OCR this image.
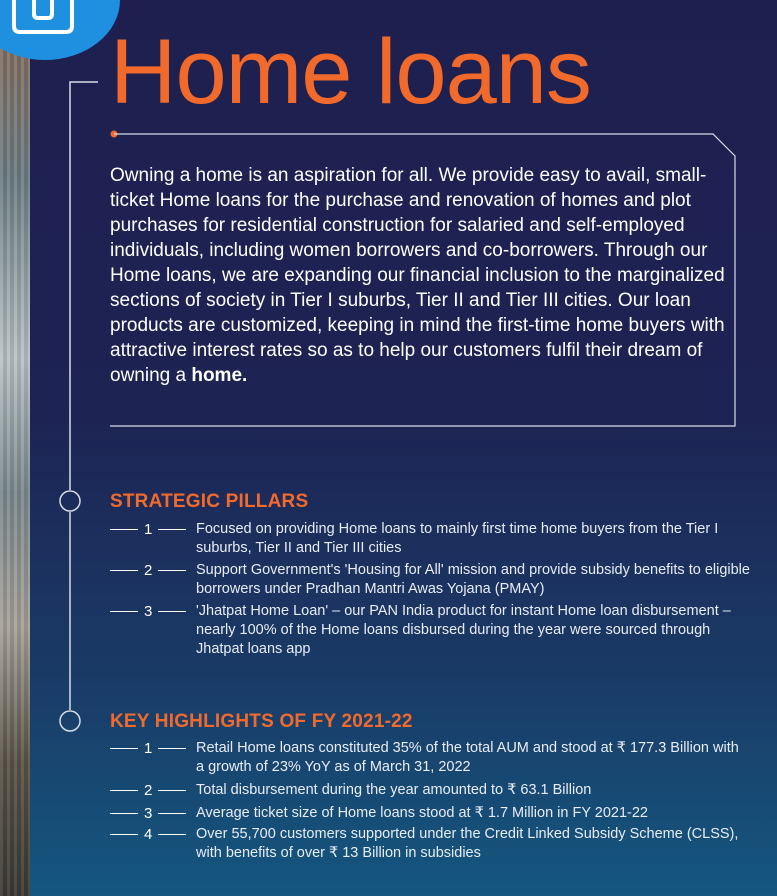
Home loans

Owning a home is an aspiration for all. We provide easy to avail, small-ticket Home loans for the purchase and renovation of homes and plot purchases for residential construction for salaried and self-employed individuals, including women borrowers and co-borrowers. Through our Home loans, we are expanding our financial inclusion to the marginalized sections of society in Tier I suburbs, Tier II and Tier III cities. Our loan products are customized, keeping in mind the first-time home buyers with attractive interest rates so as to help our customers fulfil their dream of owning a home.

STRATEGIC PILLARS
1	Focused on providing Home loans to mainly first time home buyers from the Tier I suburbs, Tier II and Tier III cities
2	Support Government's 'Housing for All' mission and provide subsidy benefits to eligible borrowers under Pradhan Mantri Awas Yojana (PMAY)
3	'Jhatpat Home Loan' – our PAN India product for instant Home loan disbursement – nearly 100% of the Home loans disbursed during the year were sourced through Jhatpat loans app
KEY HIGHLIGHTS OF FY 2021-22
1	Retail Home loans constituted 35% of the total AUM and stood at ₹ 177.3 Billion with a growth of 23% YoY as of March 31, 2022
2	Total disbursement during the year amounted to ₹ 63.1 Billion
3	Average ticket size of Home loans stood at ₹ 1.7 Million in FY 2021-22
4	Over 55,700 customers supported under the Credit Linked Subsidy Scheme (CLSS), with benefits of over ₹ 13 Billion in subsidies
